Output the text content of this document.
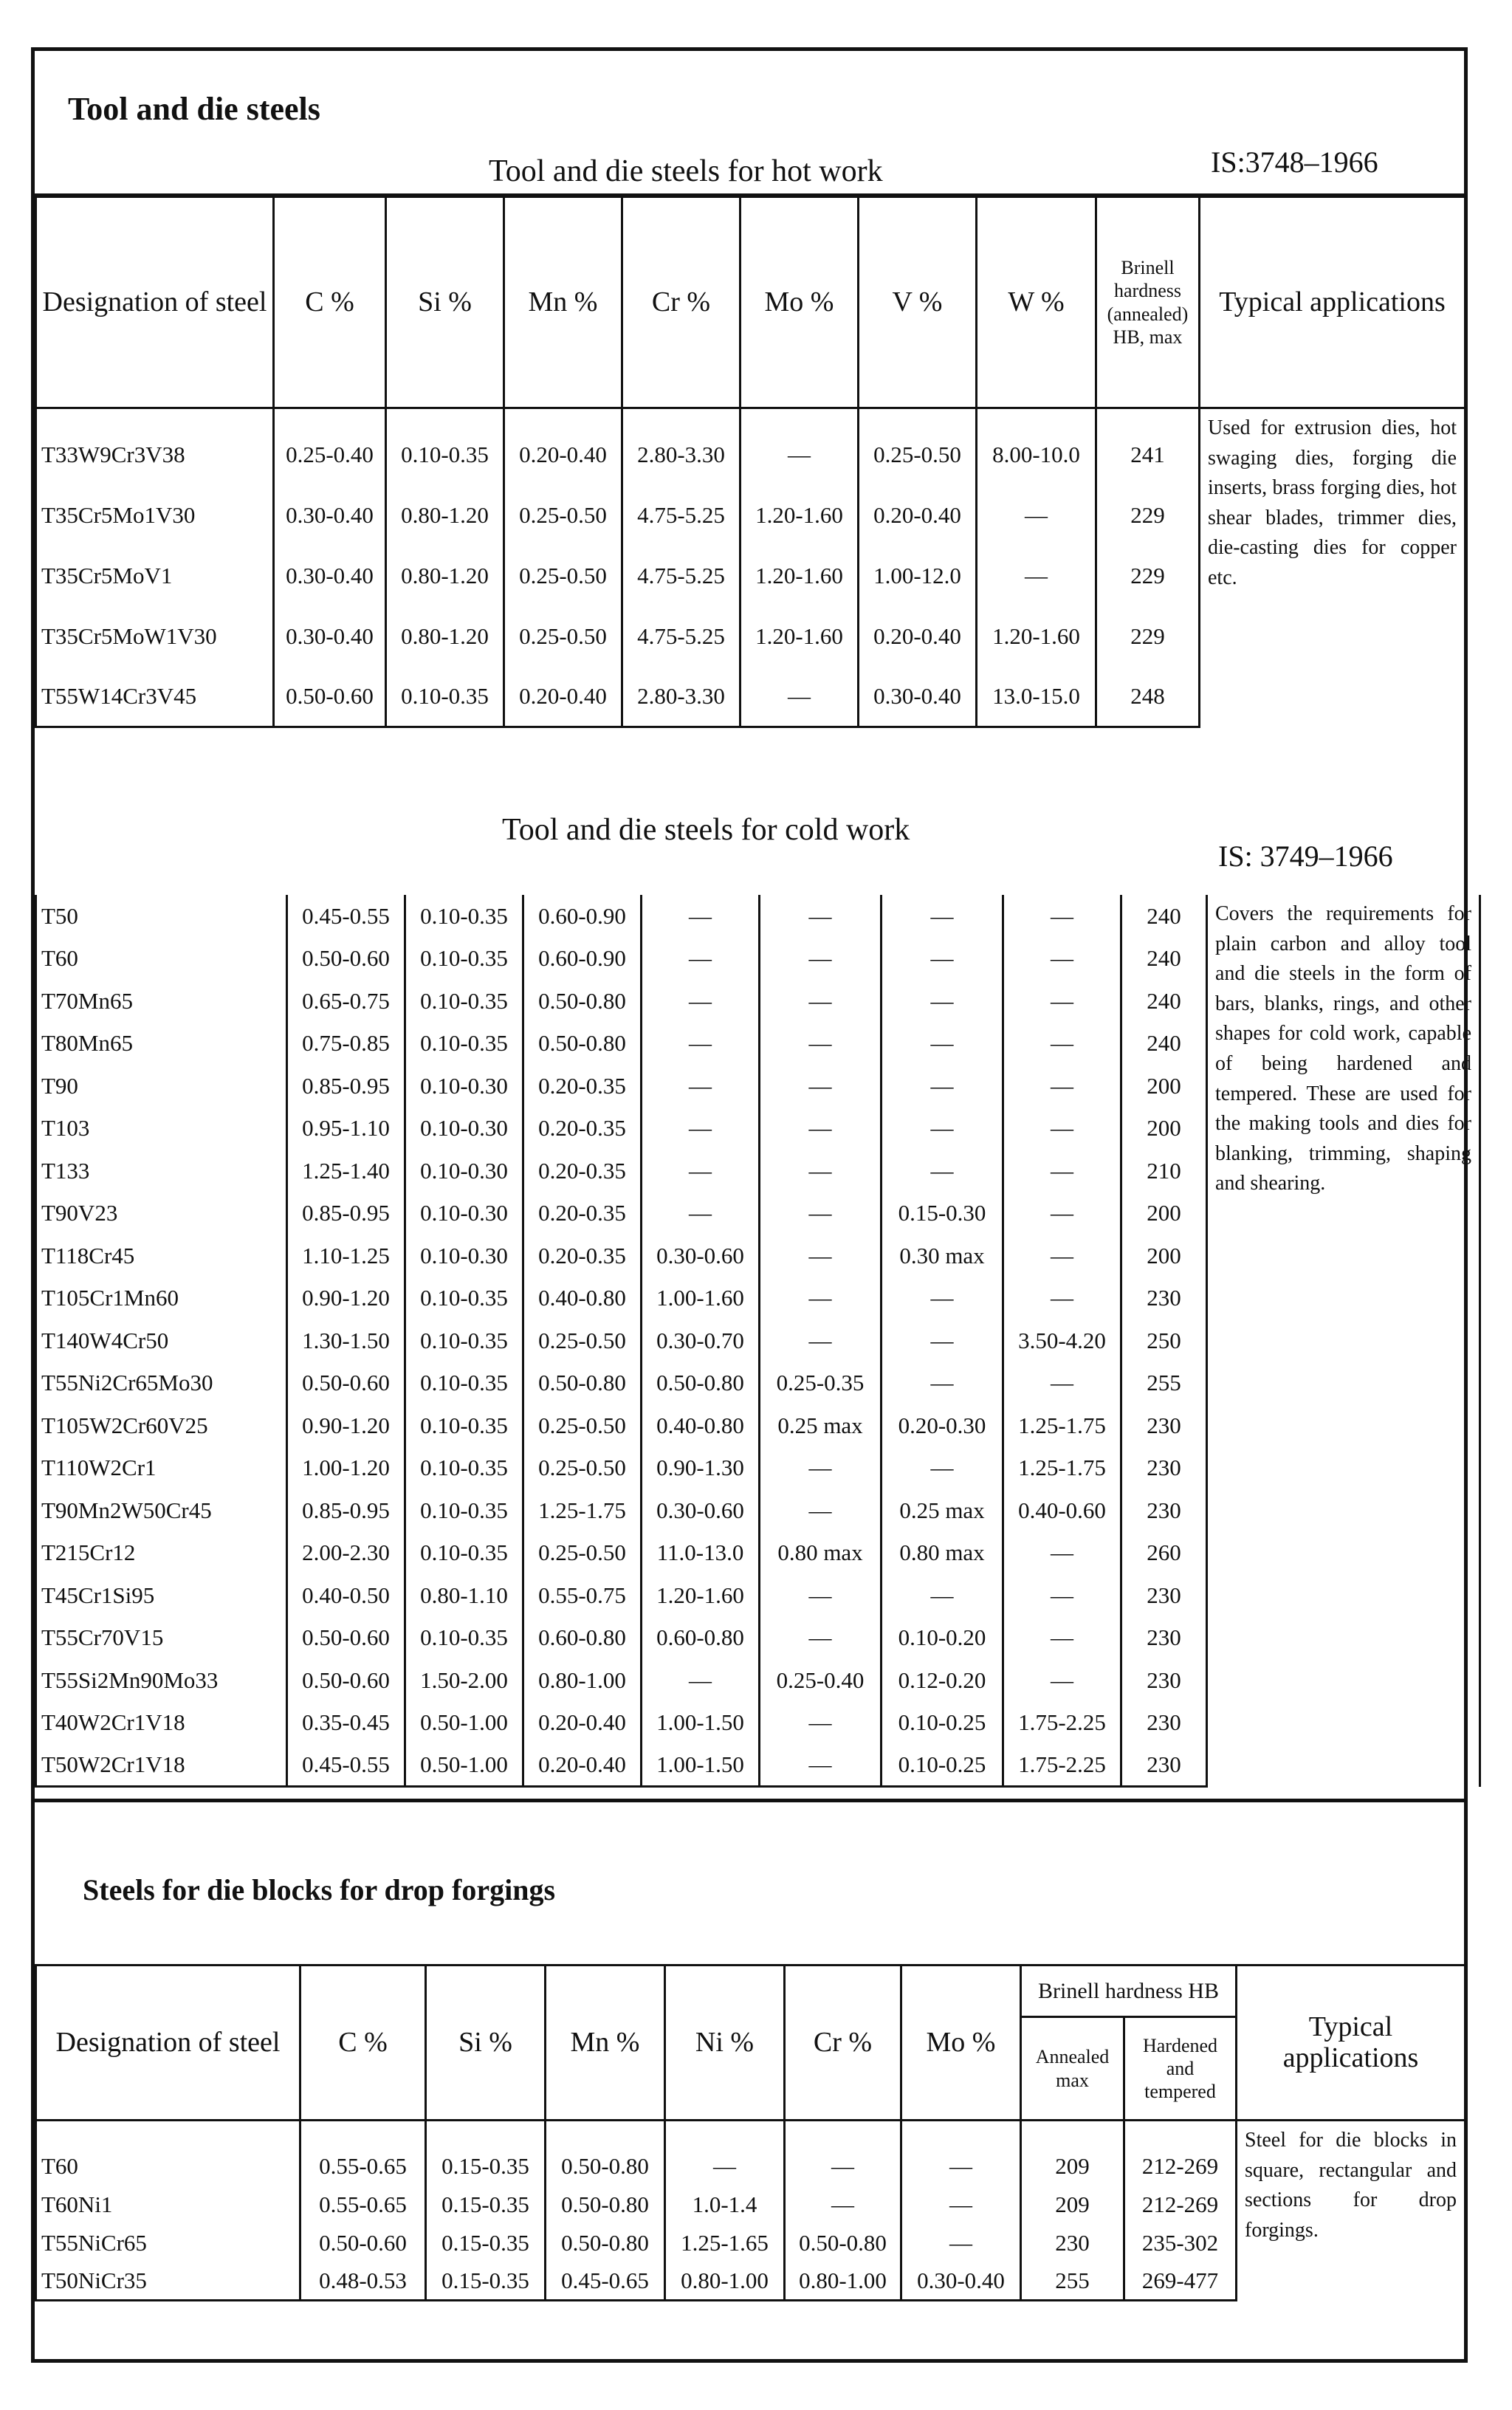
Tool and die steels
Tool and die steels for hot work	IS:3748–1966
Designation of steel	C %	Si %	Mn %	Cr %	Mo %	V %	W %	Brinell hardness (annealed) HB, max	Typical applications
T33W9Cr3V38	0.25-0.40	0.10-0.35	0.20-0.40	2.80-3.30	—	0.25-0.50	8.00-10.0	241	Used for extrusion dies, hot swaging dies, forging die inserts, brass forging dies, hot shear blades, trimmer dies, die-casting dies for copper etc.
T35Cr5Mo1V30	0.30-0.40	0.80-1.20	0.25-0.50	4.75-5.25	1.20-1.60	0.20-0.40	—	229	
T35Cr5MoV1	0.30-0.40	0.80-1.20	0.25-0.50	4.75-5.25	1.20-1.60	1.00-12.0	—	229	
T35Cr5MoW1V30	0.30-0.40	0.80-1.20	0.25-0.50	4.75-5.25	1.20-1.60	0.20-0.40	1.20-1.60	229	
T55W14Cr3V45	0.50-0.60	0.10-0.35	0.20-0.40	2.80-3.30	—	0.30-0.40	13.0-15.0	248	
Tool and die steels for cold work
IS: 3749–1966
T50	0.45-0.55	0.10-0.35	0.60-0.90	—	—	—	—	240	Covers the requirements for plain carbon and alloy tool and die steels in the form of bars, blanks, rings, and other shapes for cold work, capable of being hardened and tempered. These are used for the making tools and dies for blanking, trimming, shaping and shearing.
T60	0.50-0.60	0.10-0.35	0.60-0.90	—	—	—	—	240	
T70Mn65	0.65-0.75	0.10-0.35	0.50-0.80	—	—	—	—	240	
T80Mn65	0.75-0.85	0.10-0.35	0.50-0.80	—	—	—	—	240	
T90	0.85-0.95	0.10-0.30	0.20-0.35	—	—	—	—	200	
T103	0.95-1.10	0.10-0.30	0.20-0.35	—	—	—	—	200	
T133	1.25-1.40	0.10-0.30	0.20-0.35	—	—	—	—	210	
T90V23	0.85-0.95	0.10-0.30	0.20-0.35	—	—	0.15-0.30	—	200	
T118Cr45	1.10-1.25	0.10-0.30	0.20-0.35	0.30-0.60	—	0.30 max	—	200	
T105Cr1Mn60	0.90-1.20	0.10-0.35	0.40-0.80	1.00-1.60	—	—	—	230	
T140W4Cr50	1.30-1.50	0.10-0.35	0.25-0.50	0.30-0.70	—	—	3.50-4.20	250	
T55Ni2Cr65Mo30	0.50-0.60	0.10-0.35	0.50-0.80	0.50-0.80	0.25-0.35	—	—	255	
T105W2Cr60V25	0.90-1.20	0.10-0.35	0.25-0.50	0.40-0.80	0.25 max	0.20-0.30	1.25-1.75	230	
T110W2Cr1	1.00-1.20	0.10-0.35	0.25-0.50	0.90-1.30	—	—	1.25-1.75	230	
T90Mn2W50Cr45	0.85-0.95	0.10-0.35	1.25-1.75	0.30-0.60	—	0.25 max	0.40-0.60	230	
T215Cr12	2.00-2.30	0.10-0.35	0.25-0.50	11.0-13.0	0.80 max	0.80 max	—	260	
T45Cr1Si95	0.40-0.50	0.80-1.10	0.55-0.75	1.20-1.60	—	—	—	230	
T55Cr70V15	0.50-0.60	0.10-0.35	0.60-0.80	0.60-0.80	—	0.10-0.20	—	230	
T55Si2Mn90Mo33	0.50-0.60	1.50-2.00	0.80-1.00	—	0.25-0.40	0.12-0.20	—	230	
T40W2Cr1V18	0.35-0.45	0.50-1.00	0.20-0.40	1.00-1.50	—	0.10-0.25	1.75-2.25	230	
T50W2Cr1V18	0.45-0.55	0.50-1.00	0.20-0.40	1.00-1.50	—	0.10-0.25	1.75-2.25	230	
Steels for die blocks for drop forgings
Designation of steel	C %	Si %	Mn %	Ni %	Cr %	Mo %	Brinell hardness HB		Typical applications
							Annealed max	Hardened and tempered	
T60	0.55-0.65	0.15-0.35	0.50-0.80	—	—	—	209	212-269	Steel for die blocks in square, rectangular and sections for drop forgings.
T60Ni1	0.55-0.65	0.15-0.35	0.50-0.80	1.0-1.4	—	—	209	212-269	
T55NiCr65	0.50-0.60	0.15-0.35	0.50-0.80	1.25-1.65	0.50-0.80	—	230	235-302	
T50NiCr35	0.48-0.53	0.15-0.35	0.45-0.65	0.80-1.00	0.80-1.00	0.30-0.40	255	269-477	
